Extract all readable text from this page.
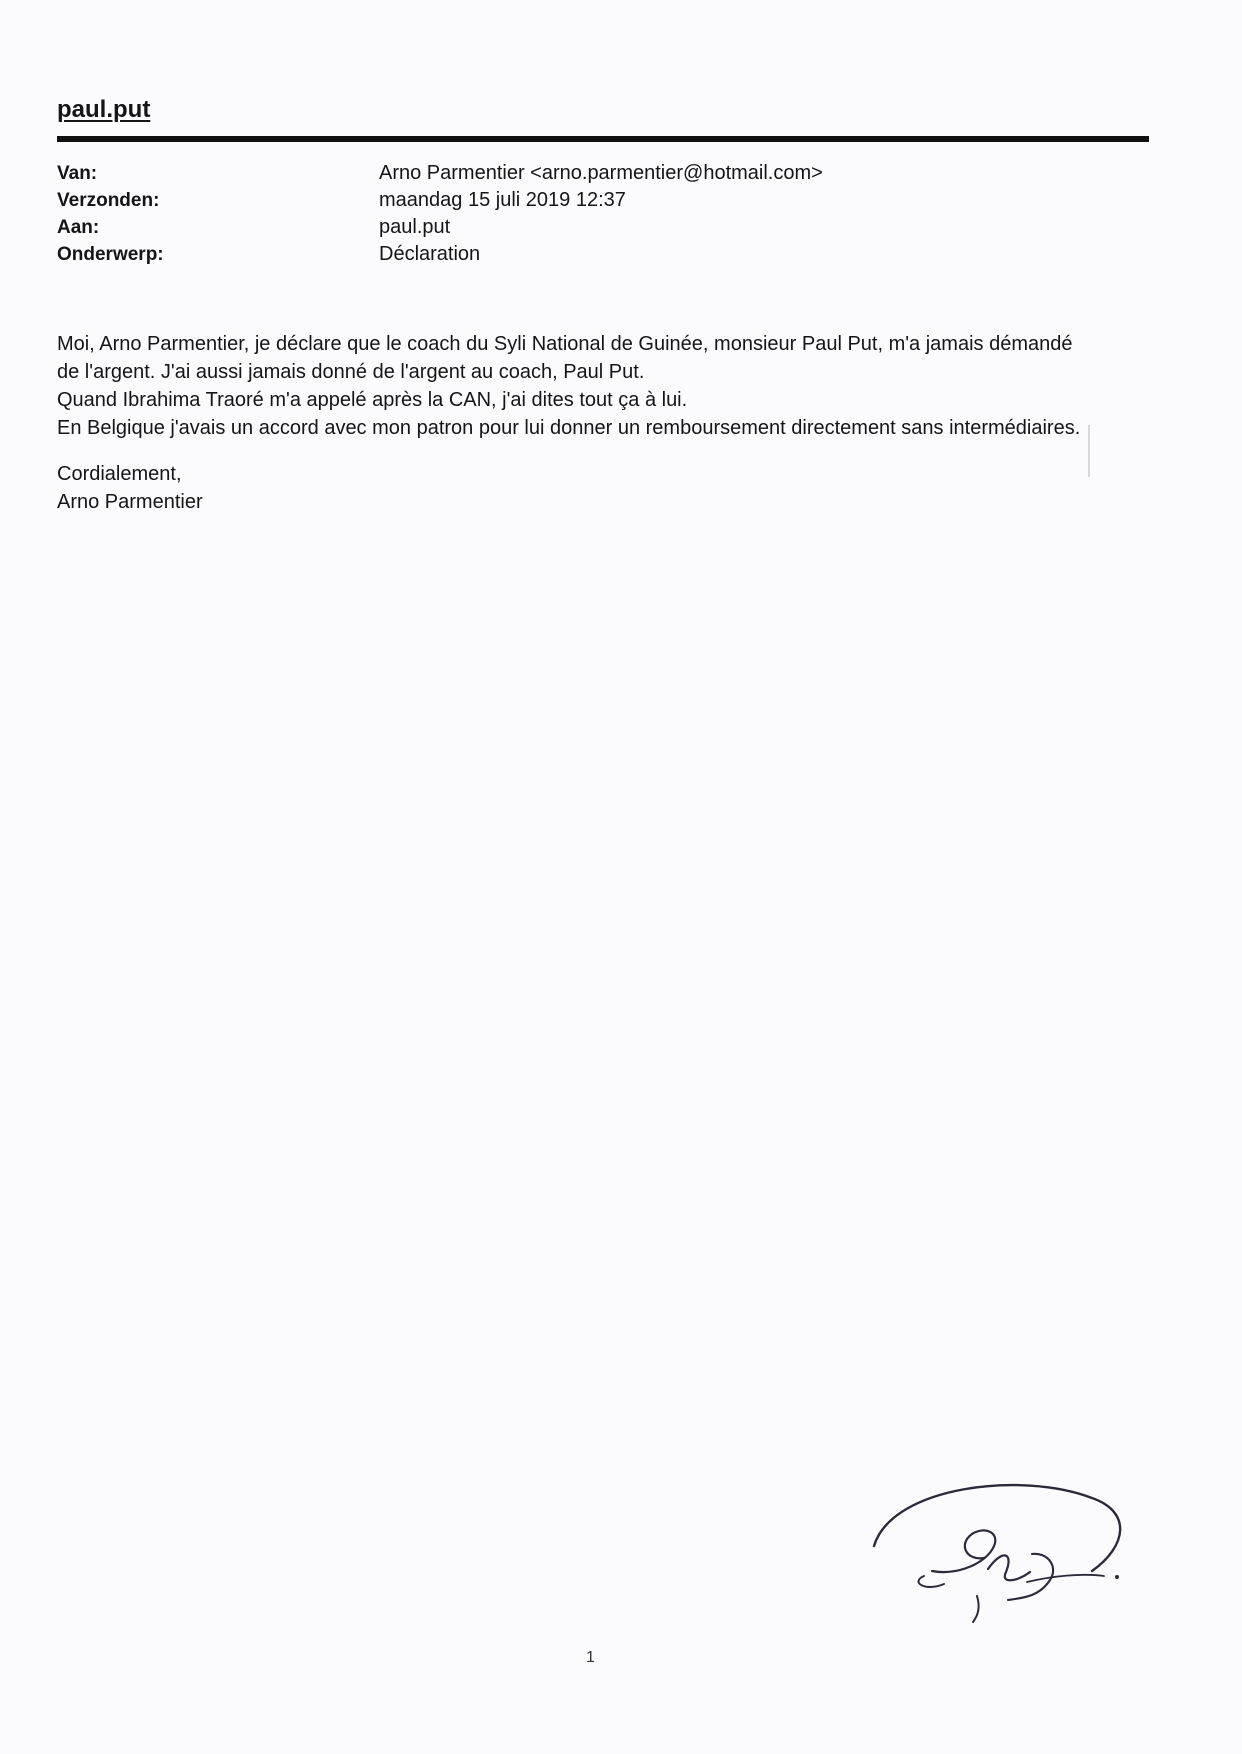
paul.put
Van:	Arno Parmentier <arno.parmentier@hotmail.com>
Verzonden:	maandag 15 juli 2019 12:37
Aan:	paul.put
Onderwerp:	Déclaration

Moi, Arno Parmentier, je déclare que le coach du Syli National de Guinée, monsieur Paul Put, m'a jamais démandé

de l'argent. J'ai aussi jamais donné de l'argent au coach, Paul Put.

Quand Ibrahima Traoré m'a appelé après la CAN, j'ai dites tout ça à lui.

En Belgique j'avais un accord avec mon patron pour lui donner un remboursement directement sans intermédiaires.

Cordialement,

Arno Parmentier

1
